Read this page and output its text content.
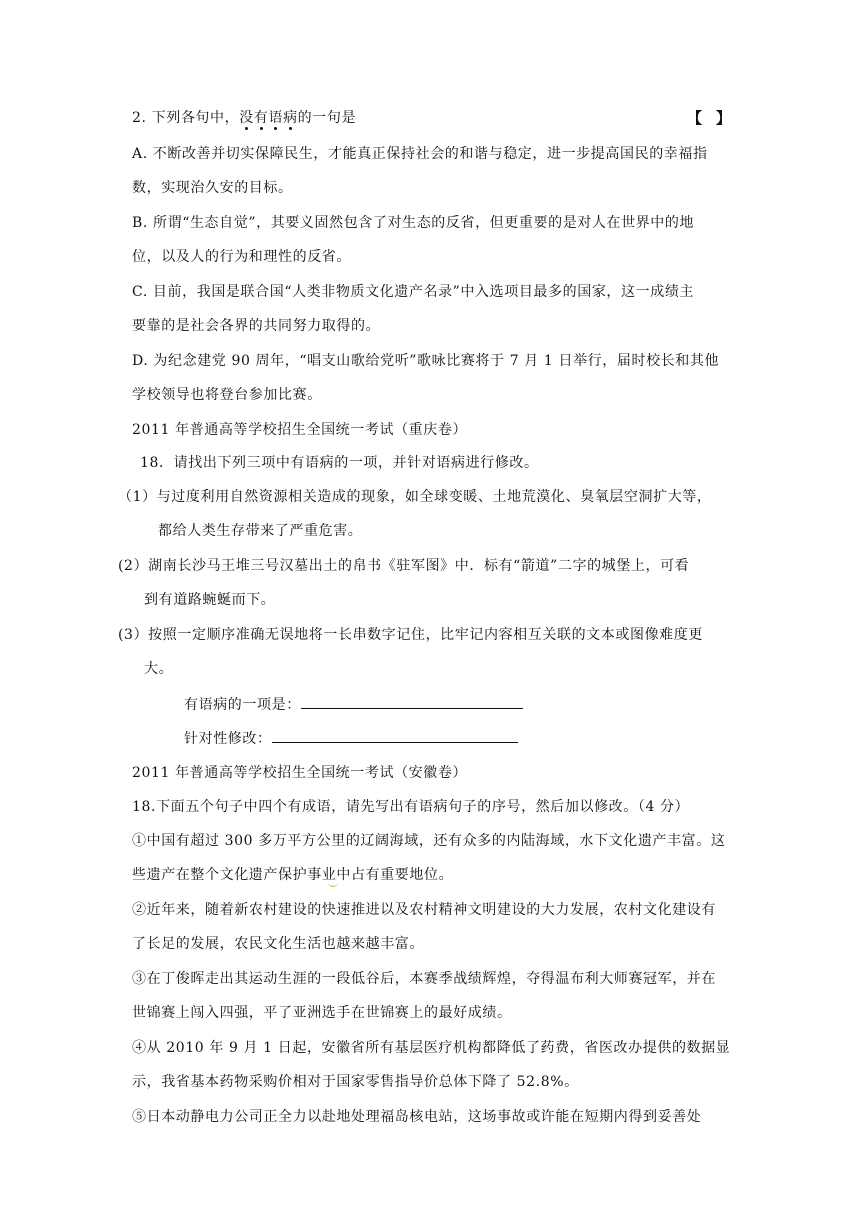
2. 下列各句中，没有语病的一句是	【 】
A. 不断改善并切实保障民生，才能真正保持社会的和谐与稳定，进一步提高国民的幸福指
数，实现治久安的目标。
B. 所谓“生态自觉”，其要义固然包含了对生态的反省，但更重要的是对人在世界中的地
位，以及人的行为和理性的反省。
C. 目前，我国是联合国“人类非物质文化遗产名录”中入选项目最多的国家，这一成绩主
要靠的是社会各界的共同努力取得的。
D. 为纪念建党 90 周年，“唱支山歌给党听”歌咏比赛将于 7 月 1 日举行，届时校长和其他
学校领导也将登台参加比赛。
2011 年普通高等学校招生全国统一考试（重庆卷）
18．请找出下列三项中有语病的一项，并针对语病进行修改。
（1）与过度利用自然资源相关造成的现象，如全球变暖、土地荒漠化、臭氧层空洞扩大等，
都给人类生存带来了严重危害。
(2）湖南长沙马王堆三号汉墓出土的帛书《驻军图》中．标有“箭道”二字的城堡上，可看
到有道路蜿蜒而下。
(3）按照一定顺序准确无误地将一长串数字记住，比牢记内容相互关联的文本或图像难度更
大。
有语病的一项是：
针对性修改：
2011 年普通高等学校招生全国统一考试（安徽卷）
18.下面五个句子中四个有成语，请先写出有语病句子的序号，然后加以修改。（4 分）
①中国有超过 300 多万平方公里的辽阔海域，还有众多的内陆海域，水下文化遗产丰富。这
些遗产在整个文化遗产保护事业中占有重要地位。
②近年来，随着新农村建设的快速推进以及农村精神文明建设的大力发展，农村文化建设有
了长足的发展，农民文化生活也越来越丰富。
③在丁俊晖走出其运动生涯的一段低谷后，本赛季战绩辉煌，夺得温布利大师赛冠军，并在
世锦赛上闯入四强，平了亚洲选手在世锦赛上的最好成绩。
④从 2010 年 9 月 1 日起，安徽省所有基层医疗机构都降低了药费，省医改办提供的数据显
示，我省基本药物采购价相对于国家零售指导价总体下降了 52.8%。
⑤日本动静电力公司正全力以赴地处理福岛核电站，这场事故或许能在短期内得到妥善处
